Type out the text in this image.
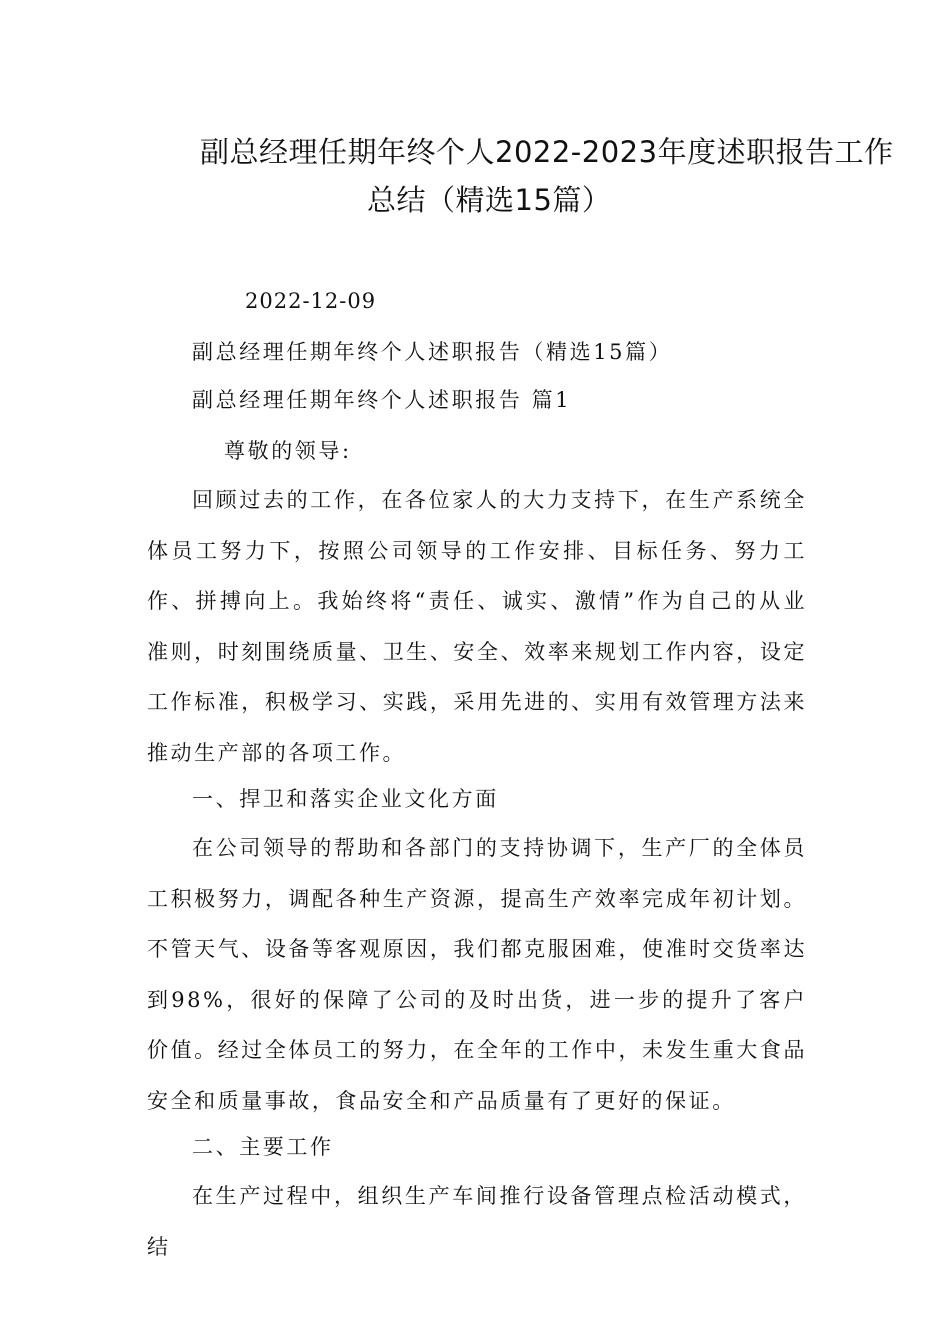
副总经理任期年终个人2022-2023年度述职报告工作
总结（精选15篇）
2022-12-09
副总经理任期年终个人述职报告（精选15篇）
副总经理任期年终个人述职报告 篇1
尊敬的领导:
回顾过去的工作，在各位家人的大力支持下，在生产系统全体员工努力下，按照公司领导的工作安排、目标任务、努力工作、拼搏向上。我始终将“责任、诚实、激情”作为自己的从业准则，时刻围绕质量、卫生、安全、效率来规划工作内容，设定工作标准，积极学习、实践，采用先进的、实用有效管理方法来推动生产部的各项工作。
一、捍卫和落实企业文化方面
在公司领导的帮助和各部门的支持协调下，生产厂的全体员工积极努力，调配各种生产资源，提高生产效率完成年初计划。不管天气、设备等客观原因，我们都克服困难，使准时交货率达到98%，很好的保障了公司的及时出货，进一步的提升了客户价值。经过全体员工的努力，在全年的工作中，未发生重大食品安全和质量事故，食品安全和产品质量有了更好的保证。
二、主要工作
在生产过程中，组织生产车间推行设备管理点检活动模式，结
